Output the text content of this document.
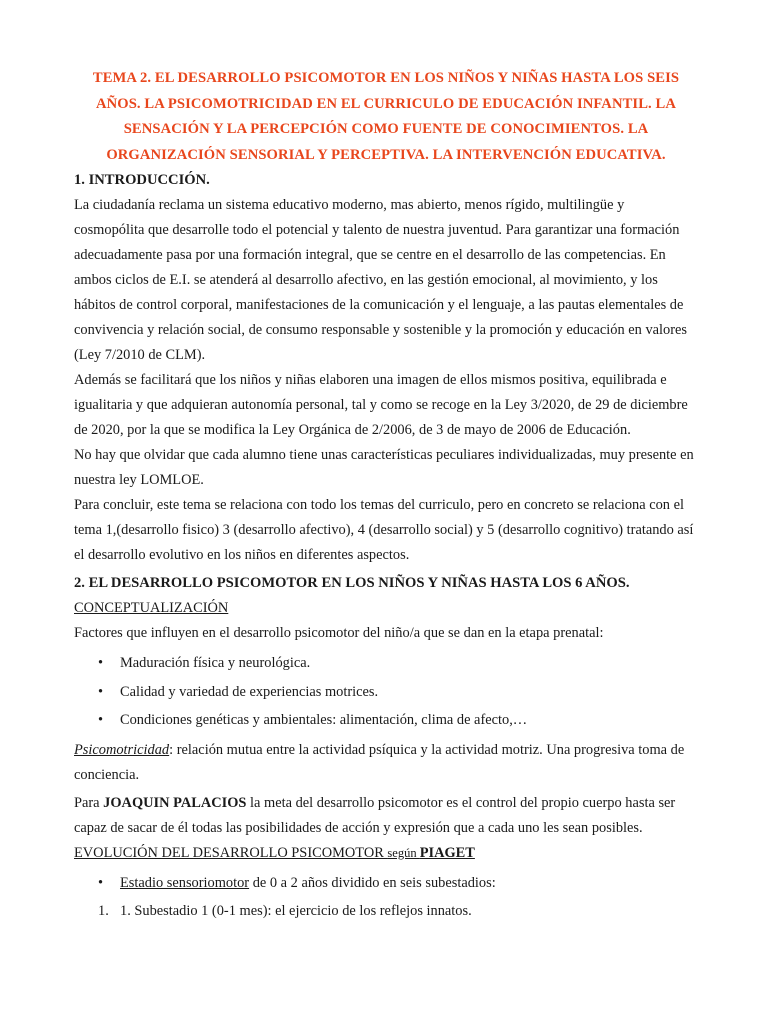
TEMA 2. EL DESARROLLO PSICOMOTOR EN LOS NIÑOS Y NIÑAS HASTA LOS SEIS AÑOS. LA PSICOMOTRICIDAD EN EL CURRICULO DE EDUCACIÓN INFANTIL. LA SENSACIÓN Y LA PERCEPCIÓN COMO FUENTE DE CONOCIMIENTOS. LA ORGANIZACIÓN SENSORIAL Y PERCEPTIVA. LA INTERVENCIÓN EDUCATIVA.

1. INTRODUCCIÓN.

La ciudadanía reclama un sistema educativo moderno, mas abierto, menos rígido, multilingüe y cosmopólita que desarrolle todo el potencial y talento de nuestra juventud. Para garantizar una formación adecuadamente pasa por una formación integral, que se centre en el desarrollo de las competencias. En ambos ciclos de E.I. se atenderá al desarrollo afectivo, en las gestión emocional, al movimiento, y los hábitos de control corporal, manifestaciones de la comunicación y el lenguaje, a las pautas elementales de convivencia y relación social, de consumo responsable y sostenible y la promoción y educación en valores (Ley 7/2010 de CLM).

Además se facilitará que los niños y niñas elaboren una imagen de ellos mismos positiva, equilibrada e igualitaria y que adquieran autonomía personal, tal y como se recoge en la Ley 3/2020, de 29 de diciembre de 2020, por la que se modifica la Ley Orgánica de 2/2006, de 3 de mayo de 2006 de Educación.

No hay que olvidar que cada alumno tiene unas características peculiares individualizadas, muy presente en nuestra ley LOMLOE.

Para concluir, este tema se relaciona con todo los temas del curriculo, pero en concreto se relaciona con el tema 1,(desarrollo fisico) 3 (desarrollo afectivo), 4 (desarrollo social) y 5 (desarrollo cognitivo) tratando así el desarrollo evolutivo en los niños en diferentes aspectos.

2. EL DESARROLLO PSICOMOTOR EN LOS NIÑOS Y NIÑAS HASTA LOS 6 AÑOS.

CONCEPTUALIZACIÓN

Factores que influyen en el desarrollo psicomotor del niño/a que se dan en la etapa prenatal:

• Maduración física y neurológica.
• Calidad y variedad de experiencias motrices.
• Condiciones genéticas y ambientales: alimentación, clima de afecto,…

Psicomotricidad: relación mutua entre la actividad psíquica y la actividad motriz. Una progresiva toma de conciencia.

Para JOAQUIN PALACIOS la meta del desarrollo psicomotor es el control del propio cuerpo hasta ser capaz de sacar de él todas las posibilidades de acción y expresión que a cada uno les sean posibles.

EVOLUCIÓN DEL DESARROLLO PSICOMOTOR según PIAGET

• Estadio sensoriomotor de 0 a 2 años dividido en seis subestadios:
1. 1. Subestadio 1 (0-1 mes): el ejercicio de los reflejos innatos.
